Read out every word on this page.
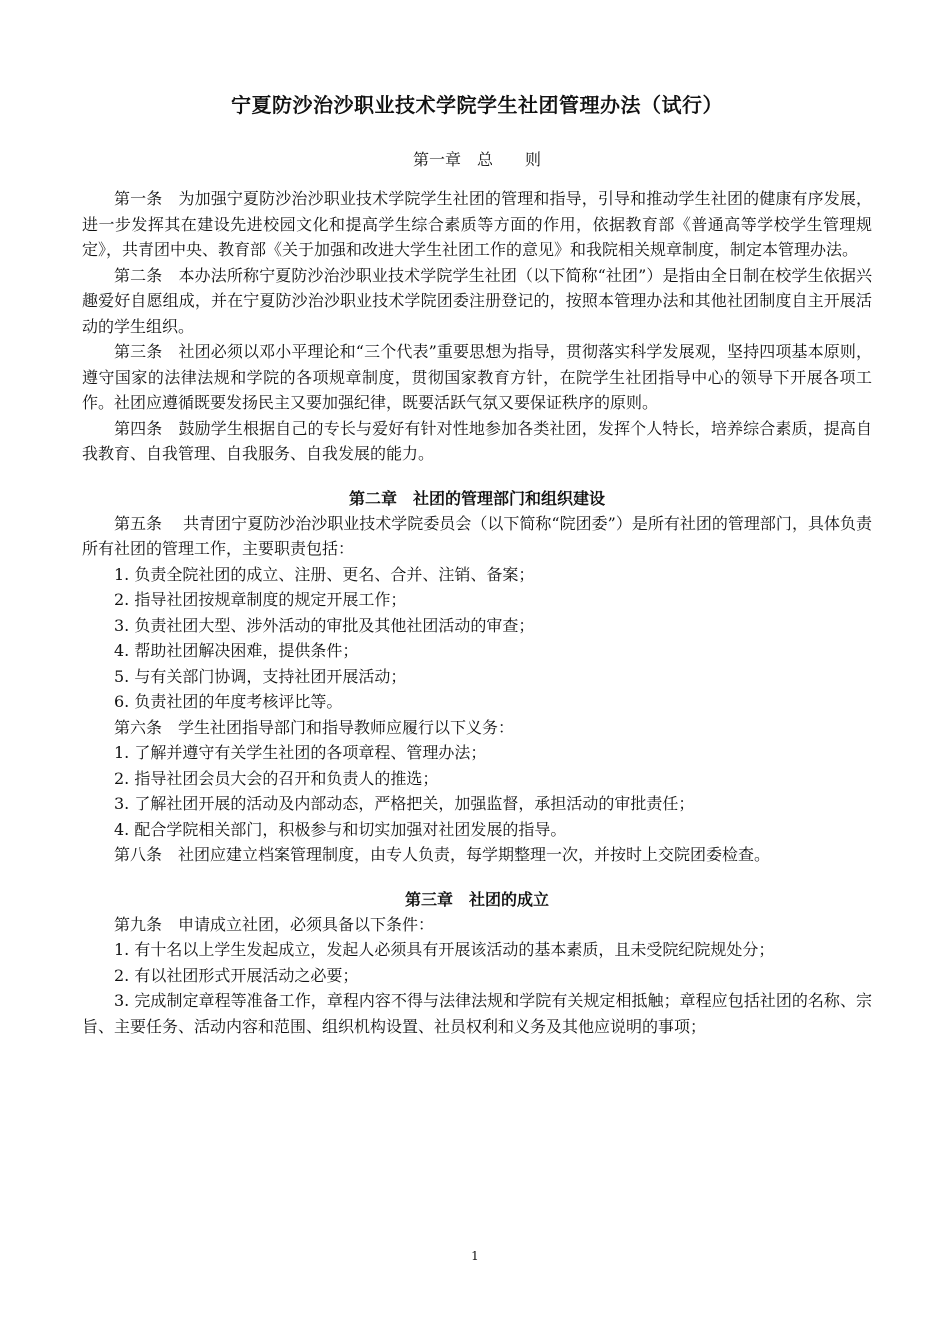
宁夏防沙治沙职业技术学院学生社团管理办法（试行）
第一章　总　　则

第一条　为加强宁夏防沙治沙职业技术学院学生社团的管理和指导，引导和推动学生社团的健康有序发展，进一步发挥其在建设先进校园文化和提高学生综合素质等方面的作用，依据教育部《普通高等学校学生管理规定》，共青团中央、教育部《关于加强和改进大学生社团工作的意见》和我院相关规章制度，制定本管理办法。

第二条　本办法所称宁夏防沙治沙职业技术学院学生社团（以下简称“社团”）是指由全日制在校学生依据兴趣爱好自愿组成，并在宁夏防沙治沙职业技术学院团委注册登记的，按照本管理办法和其他社团制度自主开展活动的学生组织。

第三条　社团必须以邓小平理论和“三个代表”重要思想为指导，贯彻落实科学发展观，坚持四项基本原则，遵守国家的法律法规和学院的各项规章制度，贯彻国家教育方针，在院学生社团指导中心的领导下开展各项工作。社团应遵循既要发扬民主又要加强纪律，既要活跃气氛又要保证秩序的原则。

第四条　鼓励学生根据自己的专长与爱好有针对性地参加各类社团，发挥个人特长，培养综合素质，提高自我教育、自我管理、自我服务、自我发展的能力。

第二章　社团的管理部门和组织建设

第五条　 共青团宁夏防沙治沙职业技术学院委员会（以下简称“院团委”）是所有社团的管理部门，具体负责所有社团的管理工作，主要职责包括：

1. 负责全院社团的成立、注册、更名、合并、注销、备案；

2. 指导社团按规章制度的规定开展工作；

3. 负责社团大型、涉外活动的审批及其他社团活动的审查；

4. 帮助社团解决困难，提供条件；

5. 与有关部门协调，支持社团开展活动；

6. 负责社团的年度考核评比等。

第六条　学生社团指导部门和指导教师应履行以下义务：

1. 了解并遵守有关学生社团的各项章程、管理办法；

2. 指导社团会员大会的召开和负责人的推选；

3. 了解社团开展的活动及内部动态，严格把关，加强监督，承担活动的审批责任；

4. 配合学院相关部门，积极参与和切实加强对社团发展的指导。

第八条　社团应建立档案管理制度，由专人负责，每学期整理一次，并按时上交院团委检查。

第三章　社团的成立

第九条　申请成立社团，必须具备以下条件：

1. 有十名以上学生发起成立，发起人必须具有开展该活动的基本素质，且未受院纪院规处分；

2. 有以社团形式开展活动之必要；

3. 完成制定章程等准备工作，章程内容不得与法律法规和学院有关规定相抵触；章程应包括社团的名称、宗旨、主要任务、活动内容和范围、组织机构设置、社员权利和义务及其他应说明的事项；

1
